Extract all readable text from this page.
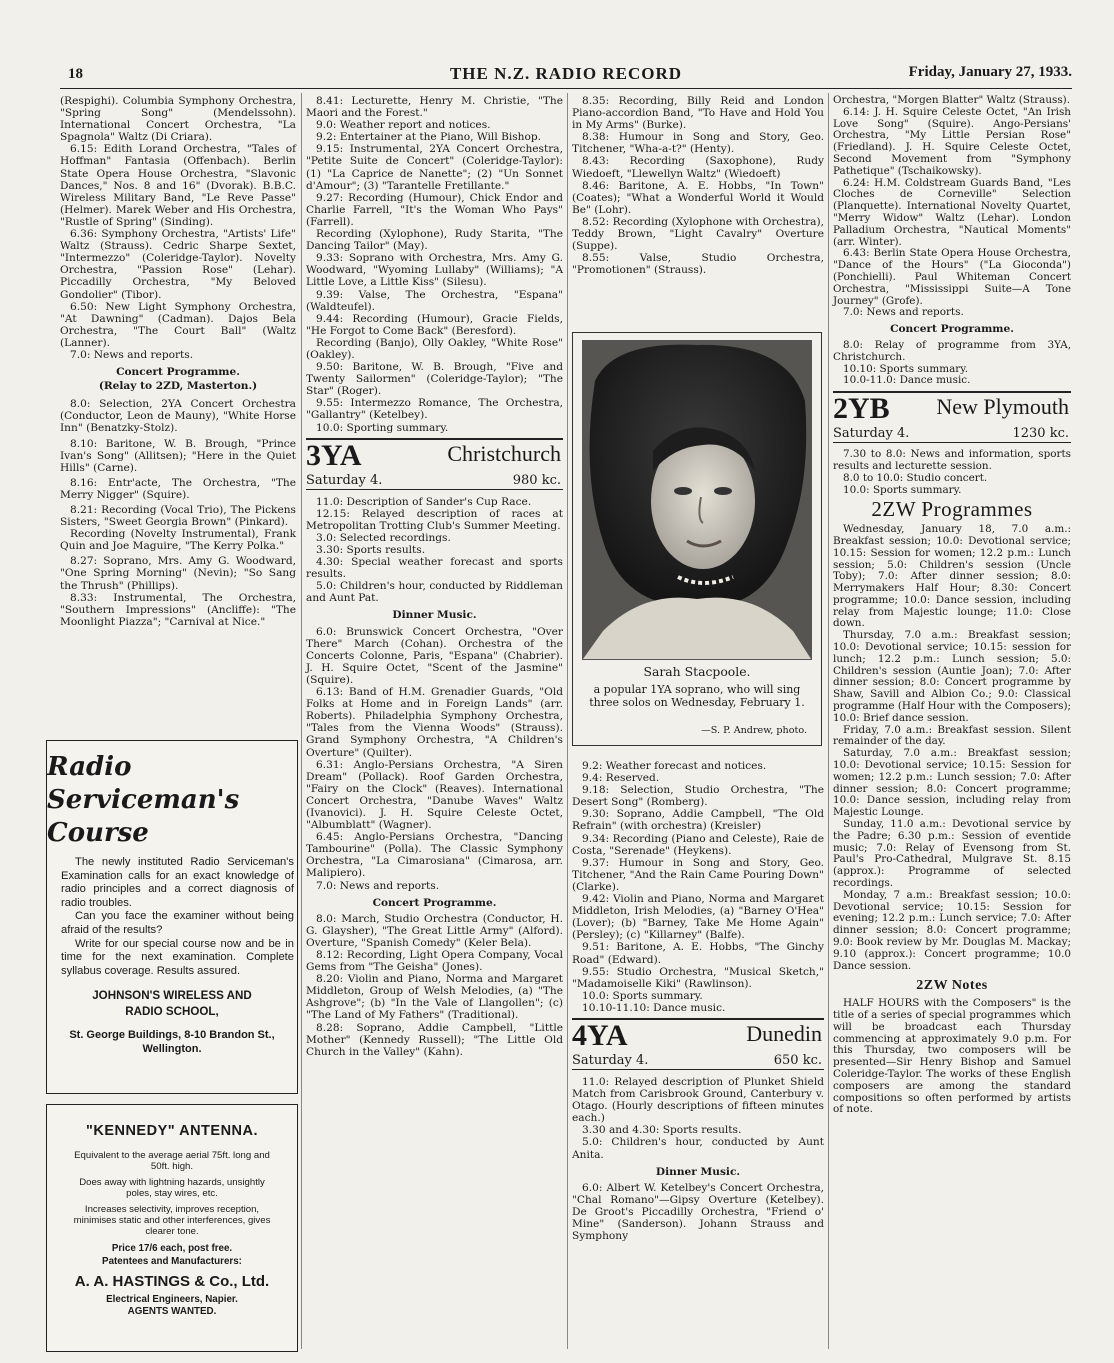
18	THE N.Z. RADIO RECORD	Friday, January 27, 1933.

(Respighi). Columbia Symphony Orchestra, "Spring Song" (Mendelssohn). International Concert Orchestra, "La Spagnola" Waltz (Di Criara).

6.15: Edith Lorand Orchestra, "Tales of Hoffman" Fantasia (Offenbach). Berlin State Opera House Orchestra, "Slavonic Dances," Nos. 8 and 16" (Dvorak). B.B.C. Wireless Military Band, "Le Reve Passe" (Helmer). Marek Weber and His Orchestra, "Rustle of Spring" (Sinding).

6.36: Symphony Orchestra, "Artists' Life" Waltz (Strauss). Cedric Sharpe Sextet, "Intermezzo" (Coleridge-Taylor). Novelty Orchestra, "Passion Rose" (Lehar). Piccadilly Orchestra, "My Beloved Gondolier" (Tibor).

6.50: New Light Symphony Orchestra, "At Dawning" (Cadman). Dajos Bela Orchestra, "The Court Ball" (Waltz (Lanner).

7.0: News and reports.

Concert Programme.
(Relay to 2ZD, Masterton.)

8.0: Selection, 2YA Concert Orchestra (Conductor, Leon de Mauny), "White Horse Inn" (Benatzky-Stolz).

8.10: Baritone, W. B. Brough, "Prince Ivan's Song" (Allitsen); "Here in the Quiet Hills" (Carne).

8.16: Entr'acte, The Orchestra, "The Merry Nigger" (Squire).

8.21: Recording (Vocal Trio), The Pickens Sisters, "Sweet Georgia Brown" (Pinkard).

Recording (Novelty Instrumental), Frank Quin and Joe Maguire, "The Kerry Polka."

8.27: Soprano, Mrs. Amy G. Woodward, "One Spring Morning" (Nevin); "So Sang the Thrush" (Phillips).

8.33: Instrumental, The Orchestra, "Southern Impressions" (Ancliffe): "The Moonlight Piazza"; "Carnival at Nice."

Radio
Serviceman's
Course

The newly instituted Radio Serviceman's Examination calls for an exact knowledge of radio principles and a correct diagnosis of radio troubles.

Can you face the examiner without being afraid of the results?

Write for our special course now and be in time for the next examination. Complete syllabus coverage. Results assured.

JOHNSON'S WIRELESS AND
RADIO SCHOOL,
St. George Buildings, 8-10 Brandon St.,
Wellington.
"KENNEDY" ANTENNA.
Equivalent to the average aerial 75ft. long and 50ft. high.
Does away with lightning hazards, unsightly poles, stay wires, etc.
Increases selectivity, improves reception, minimises static and other interferences, gives clearer tone.
Price 17/6 each, post free.
Patentees and Manufacturers:
A. A. HASTINGS & Co., Ltd.
Electrical Engineers, Napier.
AGENTS WANTED.

8.41: Lecturette, Henry M. Christie, "The Maori and the Forest."

9.0: Weather report and notices.

9.2: Entertainer at the Piano, Will Bishop.

9.15: Instrumental, 2YA Concert Orchestra, "Petite Suite de Concert" (Coleridge-Taylor): (1) "La Caprice de Nanette"; (2) "Un Sonnet d'Amour"; (3) "Tarantelle Fretillante."

9.27: Recording (Humour), Chick Endor and Charlie Farrell, "It's the Woman Who Pays" (Farrell).

Recording (Xylophone), Rudy Starita, "The Dancing Tailor" (May).

9.33: Soprano with Orchestra, Mrs. Amy G. Woodward, "Wyoming Lullaby" (Williams); "A Little Love, a Little Kiss" (Silesu).

9.39: Valse, The Orchestra, "Espana" (Waldteufel).

9.44: Recording (Humour), Gracie Fields, "He Forgot to Come Back" (Beresford).

Recording (Banjo), Olly Oakley, "White Rose" (Oakley).

9.50: Baritone, W. B. Brough, "Five and Twenty Sailormen" (Coleridge-Taylor); "The Star" (Roger).

9.55: Intermezzo Romance, The Orchestra, "Gallantry" (Ketelbey).

10.0: Sporting summary.

3YA	Christchurch
Saturday 4.	980 kc.

11.0: Description of Sander's Cup Race.

12.15: Relayed description of races at Metropolitan Trotting Club's Summer Meeting.

3.0: Selected recordings.

3.30: Sports results.

4.30: Special weather forecast and sports results.

5.0: Children's hour, conducted by Riddleman and Aunt Pat.

Dinner Music.

6.0: Brunswick Concert Orchestra, "Over There" March (Cohan). Orchestra of the Concerts Colonne, Paris, "Espana" (Chabrier). J. H. Squire Octet, "Scent of the Jasmine" (Squire).

6.13: Band of H.M. Grenadier Guards, "Old Folks at Home and in Foreign Lands" (arr. Roberts). Philadelphia Symphony Orchestra, "Tales from the Vienna Woods" (Strauss). Grand Symphony Orchestra, "A Children's Overture" (Quilter).

6.31: Anglo-Persians Orchestra, "A Siren Dream" (Pollack). Roof Garden Orchestra, "Fairy on the Clock" (Reaves). International Concert Orchestra, "Danube Waves" Waltz (Ivanovici). J. H. Squire Celeste Octet, "Albumblatt" (Wagner).

6.45: Anglo-Persians Orchestra, "Dancing Tambourine" (Polla). The Classic Symphony Orchestra, "La Cimarosiana" (Cimarosa, arr. Malipiero).

7.0: News and reports.

Concert Programme.

8.0: March, Studio Orchestra (Conductor, H. G. Glaysher), "The Great Little Army" (Alford). Overture, "Spanish Comedy" (Keler Bela).

8.12: Recording, Light Opera Company, Vocal Gems from "The Geisha" (Jones).

8.20: Violin and Piano, Norma and Margaret Middleton, Group of Welsh Melodies, (a) "The Ashgrove"; (b) "In the Vale of Llangollen"; (c) "The Land of My Fathers" (Traditional).

8.28: Soprano, Addie Campbell, "Little Mother" (Kennedy Russell); "The Little Old Church in the Valley" (Kahn).

8.35: Recording, Billy Reid and London Piano-accordion Band, "To Have and Hold You in My Arms" (Burke).

8.38: Humour in Song and Story, Geo. Titchener, "Wha-a-t?" (Henty).

8.43: Recording (Saxophone), Rudy Wiedoeft, "Llewellyn Waltz" (Wiedoeft)

8.46: Baritone, A. E. Hobbs, "In Town" (Coates); "What a Wonderful World it Would Be" (Lohr).

8.52: Recording (Xylophone with Orchestra), Teddy Brown, "Light Cavalry" Overture (Suppe).

8.55: Valse, Studio Orchestra, "Promotionen" (Strauss).

Sarah Stacpoole.
a popular 1YA soprano, who will sing three solos on Wednesday, February 1.
—S. P. Andrew, photo.

9.2: Weather forecast and notices.

9.4: Reserved.

9.18: Selection, Studio Orchestra, "The Desert Song" (Romberg).

9.30: Soprano, Addie Campbell, "The Old Refrain" (with orchestra) (Kreisler)

9.34: Recording (Piano and Celeste), Raie de Costa, "Serenade" (Heykens).

9.37: Humour in Song and Story, Geo. Titchener, "And the Rain Came Pouring Down" (Clarke).

9.42: Violin and Piano, Norma and Margaret Middleton, Irish Melodies, (a) "Barney O'Hea" (Lover); (b) "Barney, Take Me Home Again" (Persley); (c) "Killarney" (Balfe).

9.51: Baritone, A. E. Hobbs, "The Ginchy Road" (Edward).

9.55: Studio Orchestra, "Musical Sketch," "Madamoiselle Kiki" (Rawlinson).

10.0: Sports summary.

10.10-11.10: Dance music.

4YA	Dunedin
Saturday 4.	650 kc.

11.0: Relayed description of Plunket Shield Match from Carisbrook Ground, Canterbury v. Otago. (Hourly descriptions of fifteen minutes each.)

3.30 and 4.30: Sports results.

5.0: Children's hour, conducted by Aunt Anita.

Dinner Music.

6.0: Albert W. Ketelbey's Concert Orchestra, "Chal Romano"—Gipsy Overture (Ketelbey). De Groot's Piccadilly Orchestra, "Friend o' Mine" (Sanderson). Johann Strauss and Symphony

Orchestra, "Morgen Blatter" Waltz (Strauss).

6.14: J. H. Squire Celeste Octet, "An Irish Love Song" (Squire). Ango-Persians' Orchestra, "My Little Persian Rose" (Friedland). J. H. Squire Celeste Octet, Second Movement from "Symphony Pathetique" (Tschaikowsky).

6.24: H.M. Coldstream Guards Band, "Les Cloches de Corneville" Selection (Planquette). International Novelty Quartet, "Merry Widow" Waltz (Lehar). London Palladium Orchestra, "Nautical Moments" (arr. Winter).

6.43: Berlin State Opera House Orchestra, "Dance of the Hours" ("La Gioconda") (Ponchielli). Paul Whiteman Concert Orchestra, "Mississippi Suite—A Tone Journey" (Grofe).

7.0: News and reports.

Concert Programme.

8.0: Relay of programme from 3YA, Christchurch.

10.10: Sports summary.

10.0-11.0: Dance music.

2YB New Plymouth
Saturday 4.	1230 kc.

7.30 to 8.0: News and information, sports results and lecturette session.

8.0 to 10.0: Studio concert.

10.0: Sports summary.

2ZW Programmes

Wednesday, January 18, 7.0 a.m.: Breakfast session; 10.0: Devotional service; 10.15: Session for women; 12.2 p.m.: Lunch session; 5.0: Children's session (Uncle Toby); 7.0: After dinner session; 8.0: Merrymakers Half Hour; 8.30: Concert programme; 10.0: Dance session, including relay from Majestic lounge; 11.0: Close down.

Thursday, 7.0 a.m.: Breakfast session; 10.0: Devotional service; 10.15: session for lunch; 12.2 p.m.: Lunch session; 5.0: Children's session (Auntie Joan); 7.0: After dinner session; 8.0: Concert programme by Shaw, Savill and Albion Co.; 9.0: Classical programme (Half Hour with the Composers); 10.0: Brief dance session.

Friday, 7.0 a.m.: Breakfast session. Silent remainder of the day.

Saturday, 7.0 a.m.: Breakfast session; 10.0: Devotional service; 10.15: Session for women; 12.2 p.m.: Lunch session; 7.0: After dinner session; 8.0: Concert programme; 10.0: Dance session, including relay from Majestic Lounge.

Sunday, 11.0 a.m.: Devotional service by the Padre; 6.30 p.m.: Session of eventide music; 7.0: Relay of Evensong from St. Paul's Pro-Cathedral, Mulgrave St. 8.15 (approx.): Programme of selected recordings.

Monday, 7 a.m.: Breakfast session; 10.0: Devotional service; 10.15: Session for evening; 12.2 p.m.: Lunch service; 7.0: After dinner session; 8.0: Concert programme; 9.0: Book review by Mr. Douglas M. Mackay; 9.10 (approx.): Concert programme; 10.0 Dance session.

2ZW Notes

HALF HOURS with the Composers" is the title of a series of special programmes which will be broadcast each Thursday commencing at approximately 9.0 p.m. For this Thursday, two composers will be presented—Sir Henry Bishop and Samuel Coleridge-Taylor. The works of these English composers are among the standard compositions so often performed by artists of note.
